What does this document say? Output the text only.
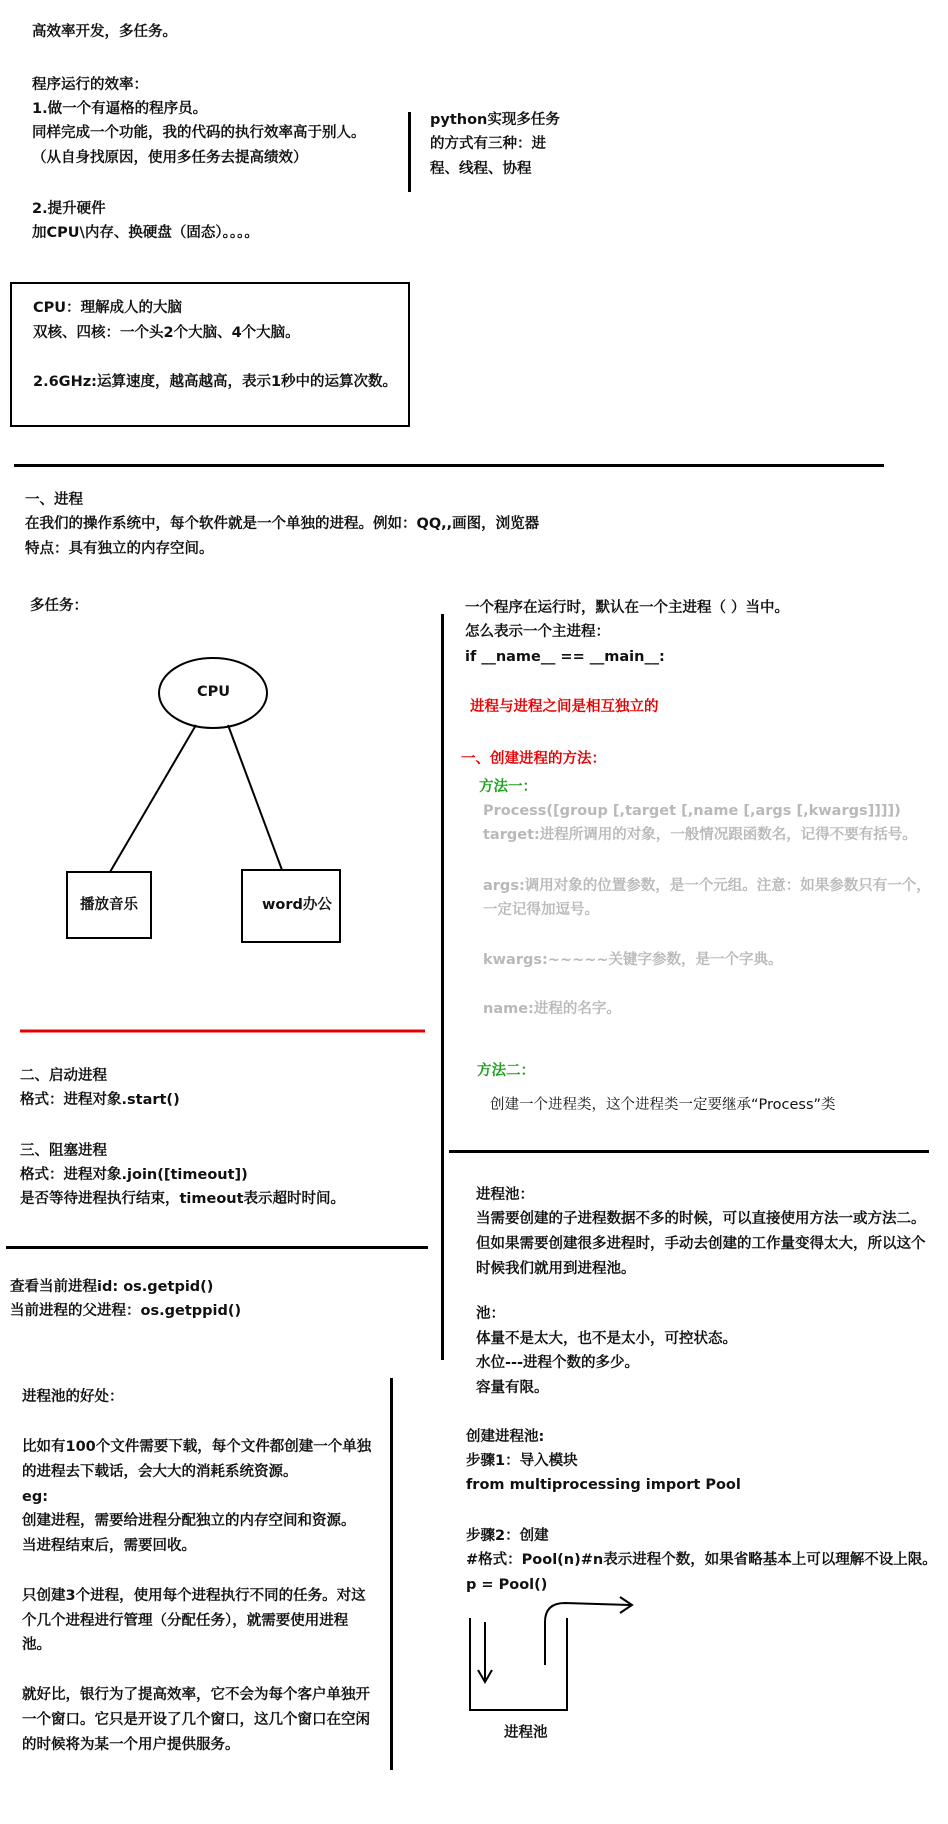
高效率开发，多任务。
程序运行的效率：
1.做一个有逼格的程序员。
同样完成一个功能，我的代码的执行效率高于别人。
（从自身找原因，使用多任务去提高绩效）
2.提升硬件
加CPU\内存、换硬盘（固态）。。。。
python实现多任务
的方式有三种：进
程、线程、协程
CPU：理解成人的大脑
双核、四核：一个头2个大脑、4个大脑。
2.6GHz:运算速度，越高越高，表示1秒中的运算次数。
一、进程
在我们的操作系统中，每个软件就是一个单独的进程。例如：QQ,,画图，浏览器
特点：具有独立的内存空间。
多任务：
CPU
播放音乐	word办公
一个程序在运行时，默认在一个主进程（ ）当中。
怎么表示一个主进程：
if __name__ == __main__:
进程与进程之间是相互独立的
一、创建进程的方法：
方法一：
Process([group [,target [,name [,args [,kwargs]]]])
target:进程所调用的对象，一般情况跟函数名，记得不要有括号。
args:调用对象的位置参数，是一个元组。注意：如果参数只有一个，
一定记得加逗号。
kwargs:~~~~~关键字参数，是一个字典。
name:进程的名字。
方法二：
创建一个进程类，这个进程类一定要继承“Process”类
二、启动进程
格式：进程对象.start()
三、阻塞进程
格式：进程对象.join([timeout])
是否等待进程执行结束，timeout表示超时时间。
查看当前进程id: os.getpid()
当前进程的父进程：os.getppid()
进程池：
当需要创建的子进程数据不多的时候，可以直接使用方法一或方法二。
但如果需要创建很多进程时，手动去创建的工作量变得太大，所以这个
时候我们就用到进程池。
池：
体量不是太大，也不是太小，可控状态。
水位---进程个数的多少。
容量有限。
创建进程池:
步骤1：导入模块
from multiprocessing import Pool
步骤2：创建
#格式：Pool(n)#n表示进程个数，如果省略基本上可以理解不设上限。
p = Pool()
进程池
进程池的好处：
比如有100个文件需要下载，每个文件都创建一个单独
的进程去下载话，会大大的消耗系统资源。
eg:
创建进程，需要给进程分配独立的内存空间和资源。
当进程结束后，需要回收。
只创建3个进程，使用每个进程执行不同的任务。对这
个几个进程进行管理（分配任务），就需要使用进程
池。
就好比，银行为了提高效率，它不会为每个客户单独开
一个窗口。它只是开设了几个窗口，这几个窗口在空闲
的时候将为某一个用户提供服务。
